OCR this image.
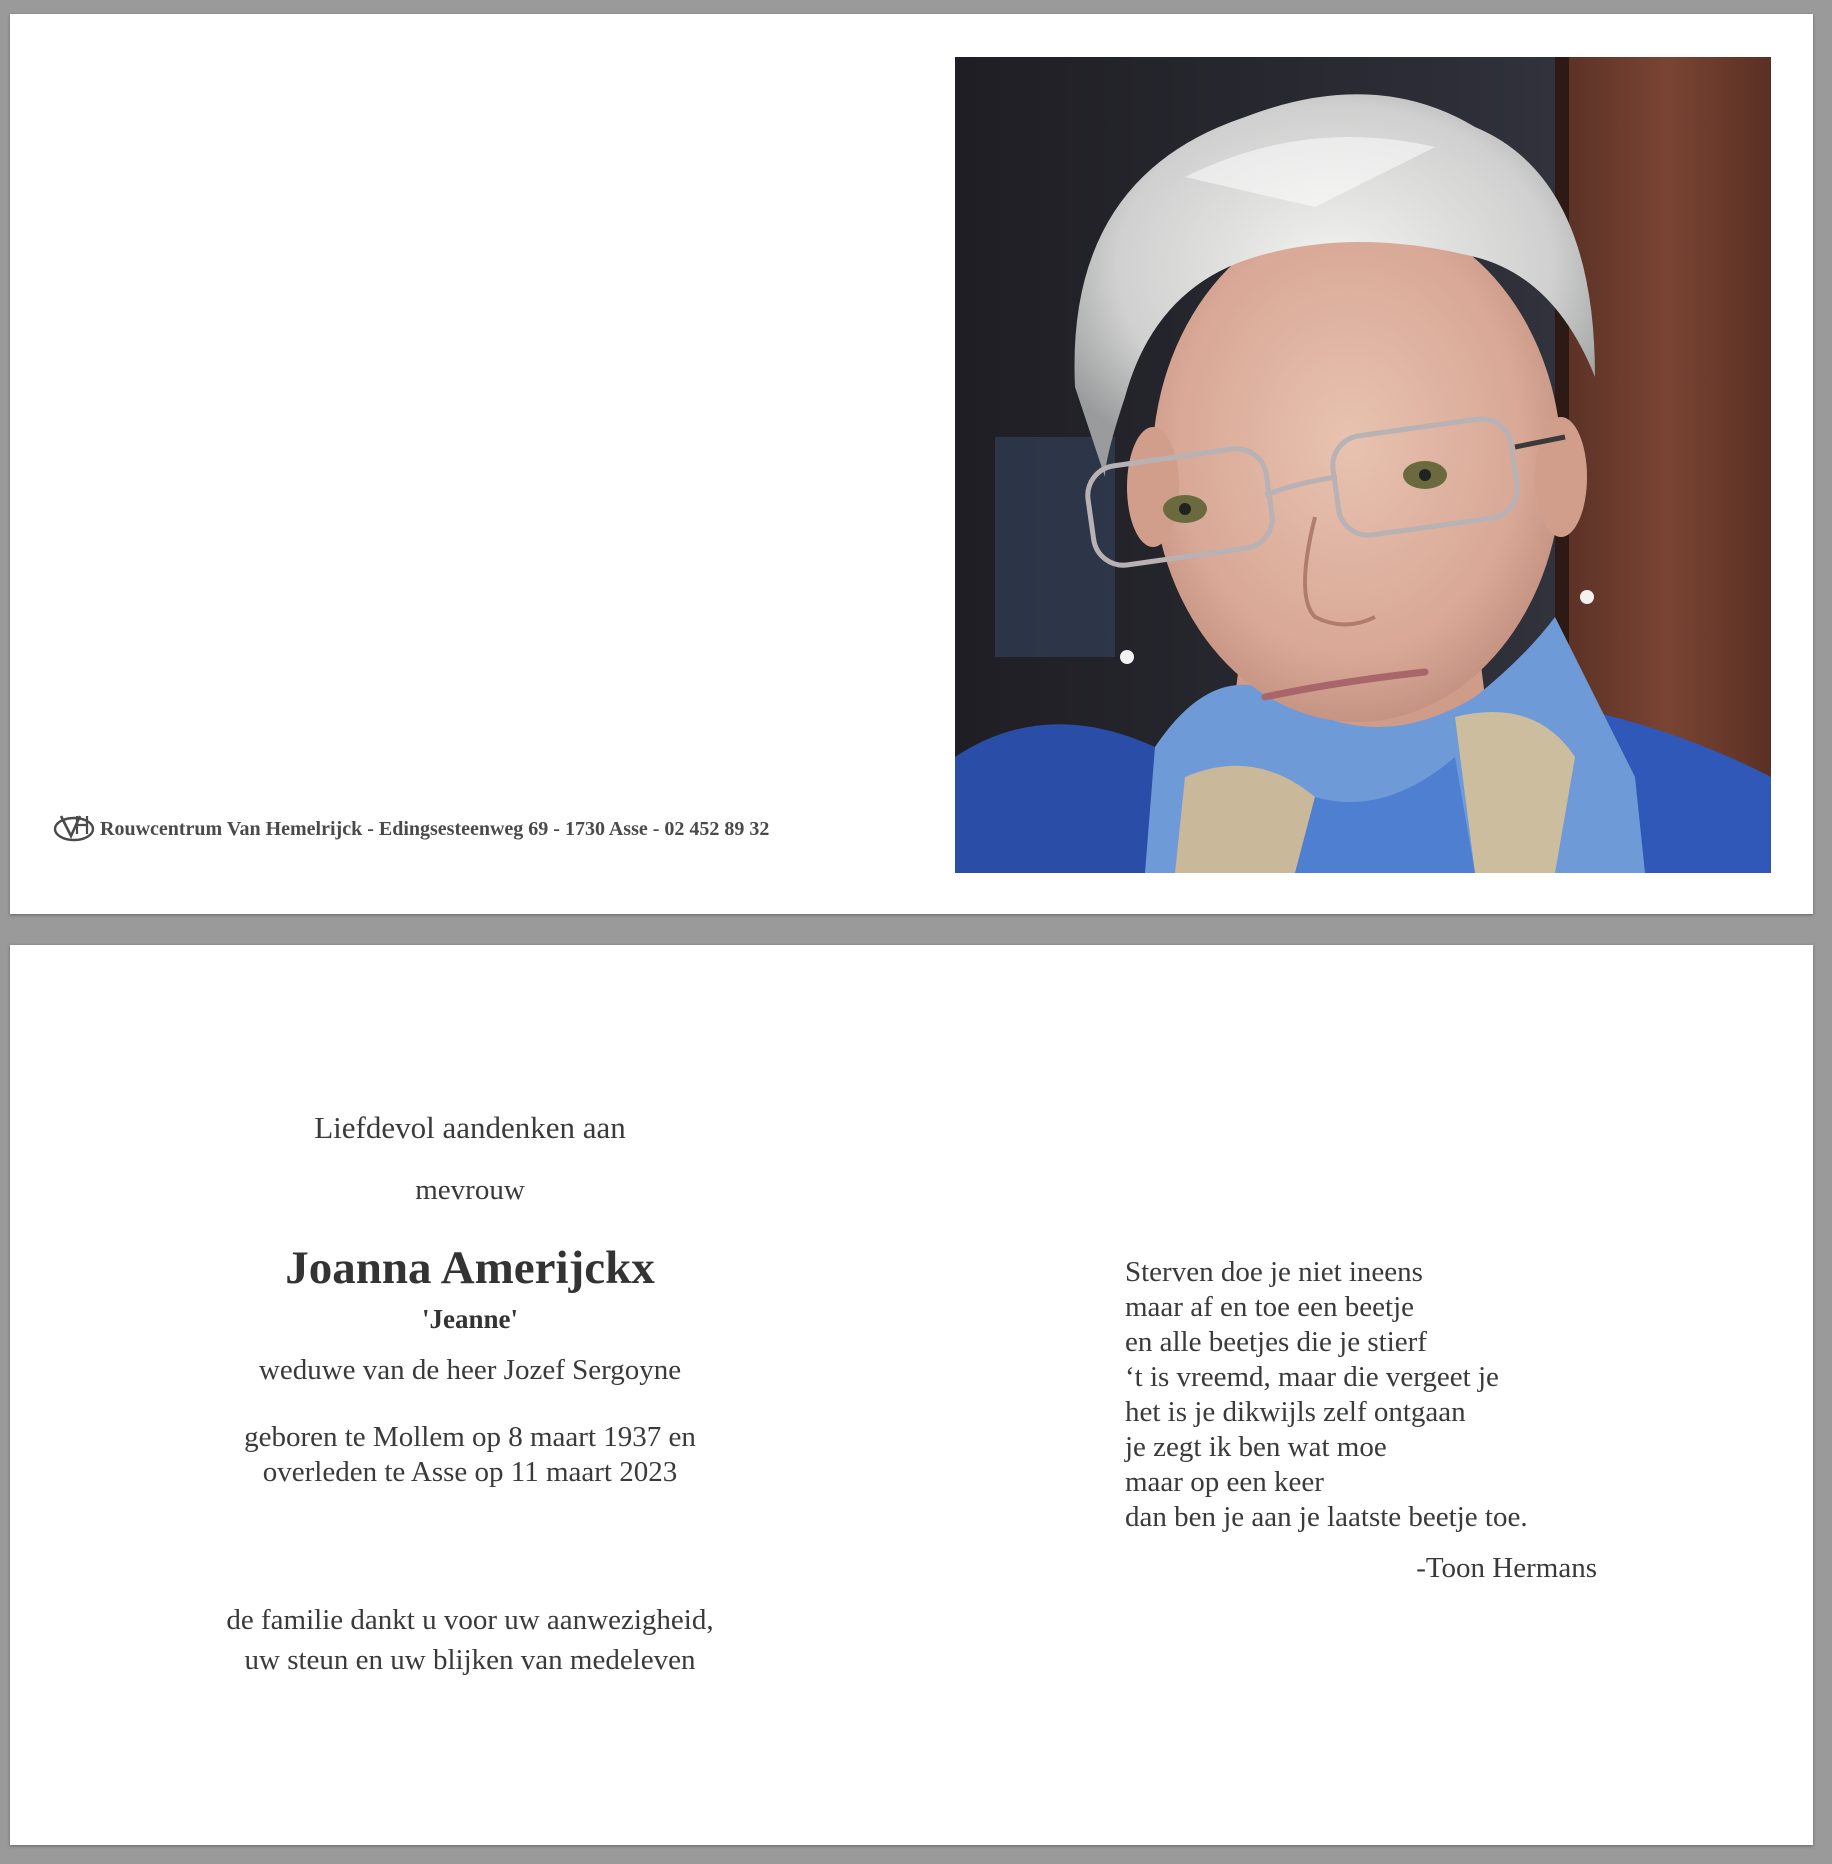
Rouwcentrum Van Hemelrijck - Edingsesteenweg 69 - 1730 Asse - 02 452 89 32
Liefdevol aandenken aan
mevrouw
Joanna Amerijckx
'Jeanne'
weduwe van de heer Jozef Sergoyne
geboren te Mollem op 8 maart 1937 en
overleden te Asse op 11 maart 2023
de familie dankt u voor uw aanwezigheid,
uw steun en uw blijken van medeleven
Sterven doe je niet ineens
maar af en toe een beetje
en alle beetjes die je stierf
‘t is vreemd, maar die vergeet je
het is je dikwijls zelf ontgaan
je zegt ik ben wat moe
maar op een keer
dan ben je aan je laatste beetje toe.
-Toon Hermans
